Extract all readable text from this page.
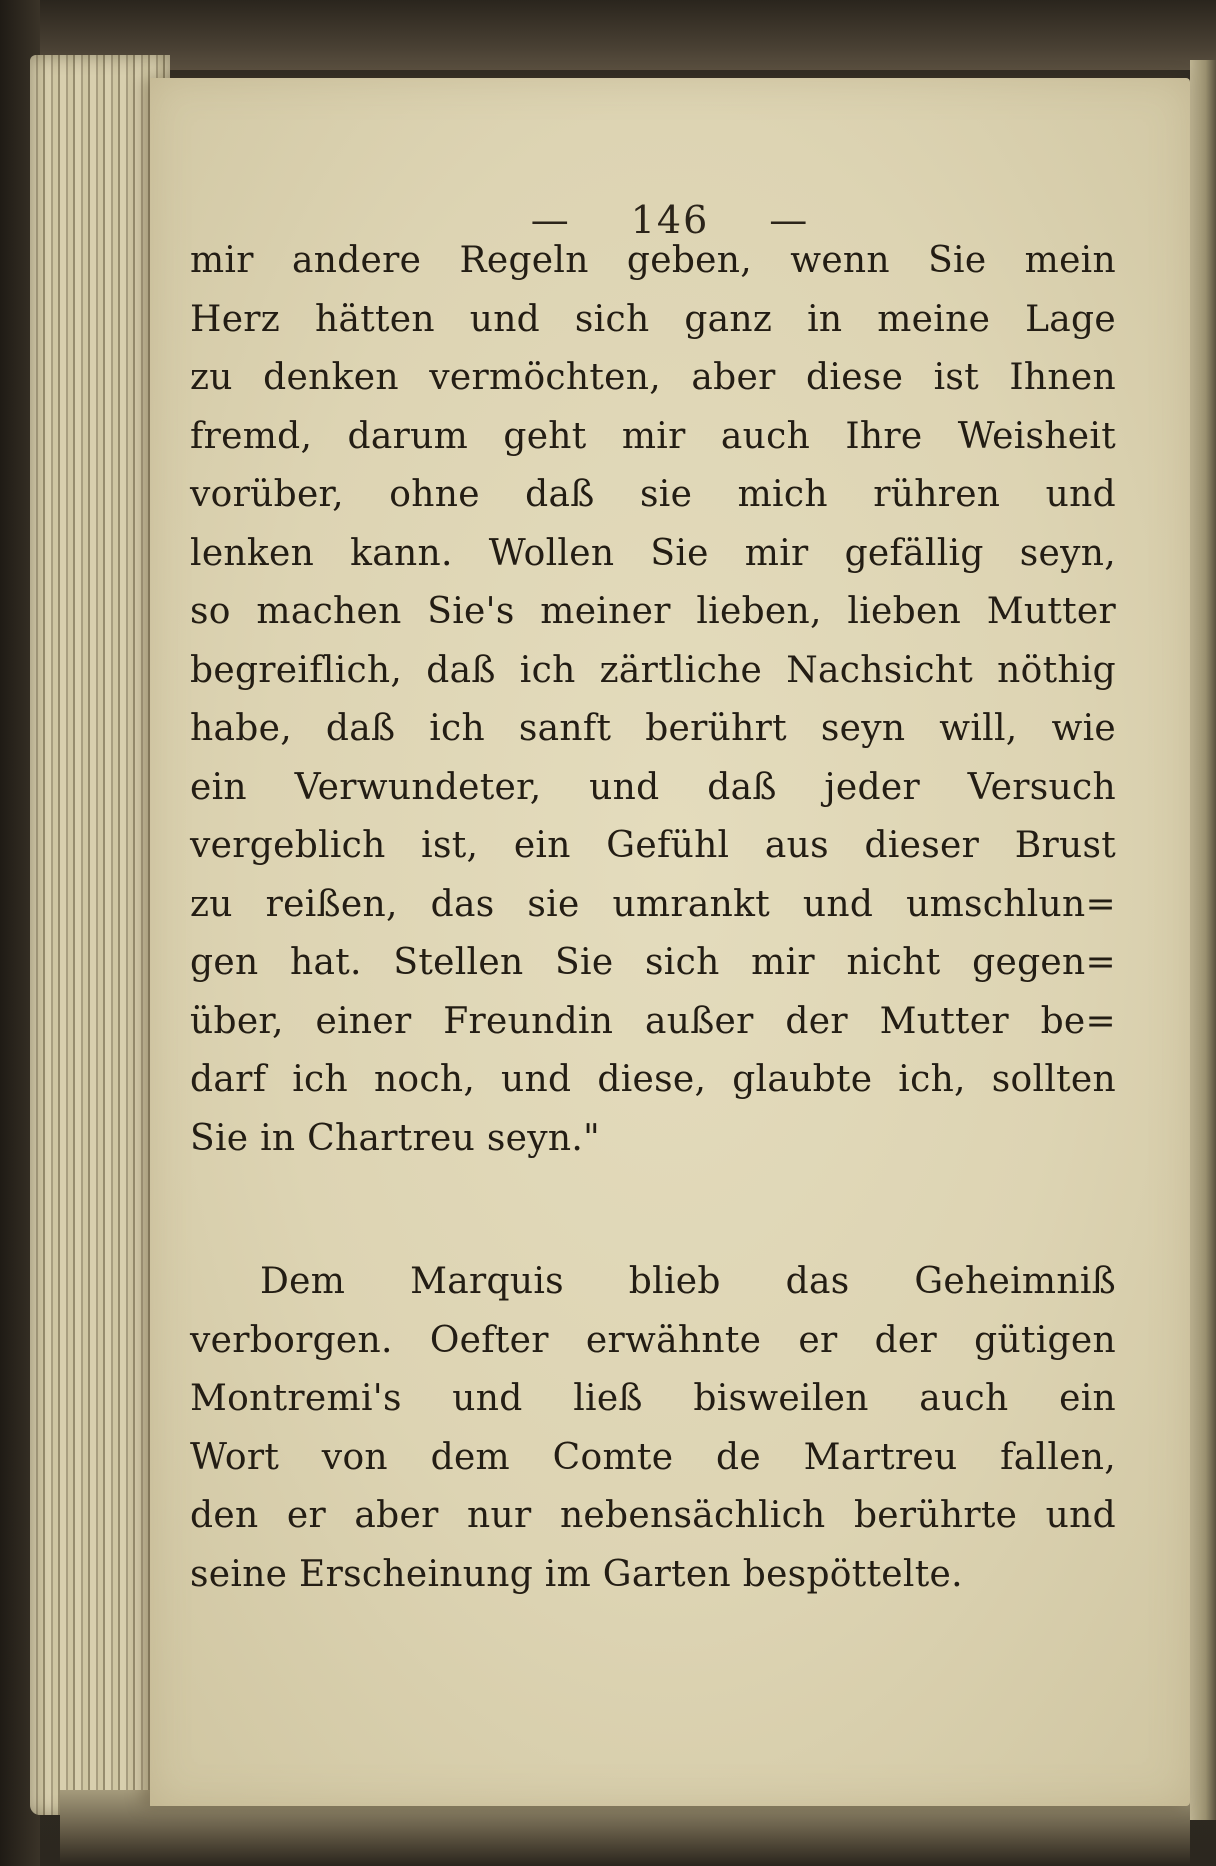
— 146 —
mir andere Regeln geben, wenn Sie mein
Herz hätten und sich ganz in meine Lage
zu denken vermöchten, aber diese ist Ihnen
fremd, darum geht mir auch Ihre Weisheit
vorüber, ohne daß sie mich rühren und
lenken kann. Wollen Sie mir gefällig seyn,
so machen Sie's meiner lieben, lieben Mutter
begreiflich, daß ich zärtliche Nachsicht nöthig
habe, daß ich sanft berührt seyn will, wie
ein Verwundeter, und daß jeder Versuch
vergeblich ist, ein Gefühl aus dieser Brust
zu reißen, das sie umrankt und umschlun=
gen hat. Stellen Sie sich mir nicht gegen=
über, einer Freundin außer der Mutter be=
darf ich noch, und diese, glaubte ich, sollten
Sie in Chartreu seyn."
Dem Marquis blieb das Geheimniß
verborgen. Oefter erwähnte er der gütigen
Montremi's und ließ bisweilen auch ein
Wort von dem Comte de Martreu fallen,
den er aber nur nebensächlich berührte und
seine Erscheinung im Garten bespöttelte.
